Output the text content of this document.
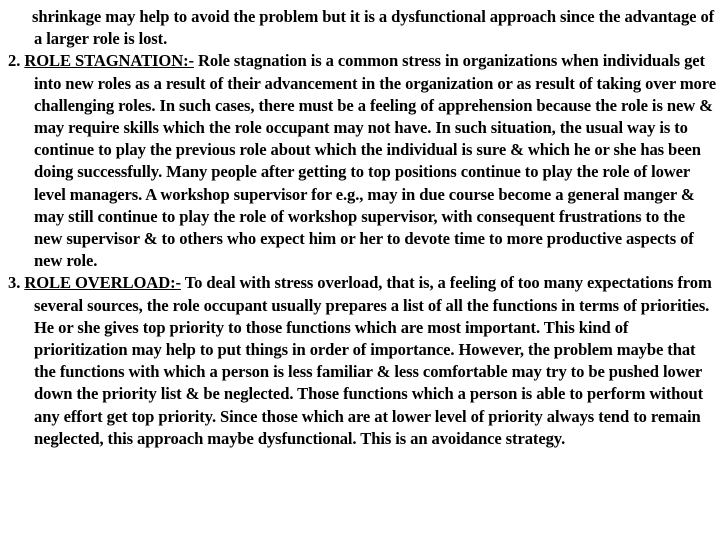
shrinkage may help to avoid the problem but it is a dysfunctional approach since the advantage of a larger role is lost.

2. ROLE STAGNATION:- Role stagnation is a common stress in organizations when individuals get into new roles as a result of their advancement in the organization or as result of taking over more challenging roles. In such cases, there must be a feeling of apprehension because the role is new & may require skills which the role occupant may not have. In such situation, the usual way is to continue to play the previous role about which the individual is sure & which he or she has been doing successfully. Many people after getting to top positions continue to play the role of lower level managers. A workshop supervisor for e.g., may in due course become a general manger & may still continue to play the role of workshop supervisor, with consequent frustrations to the new supervisor & to others who expect him or her to devote time to more productive aspects of new role.

3. ROLE OVERLOAD:- To deal with stress overload, that is, a feeling of too many expectations from several sources, the role occupant usually prepares a list of all the functions in terms of priorities. He or she gives top priority to those functions which are most important. This kind of prioritization may help to put things in order of importance. However, the problem maybe that the functions with which a person is less familiar & less comfortable may try to be pushed lower down the priority list & be neglected. Those functions which a person is able to perform without any effort get top priority. Since those which are at lower level of priority always tend to remain neglected, this approach maybe dysfunctional. This is an avoidance strategy.
